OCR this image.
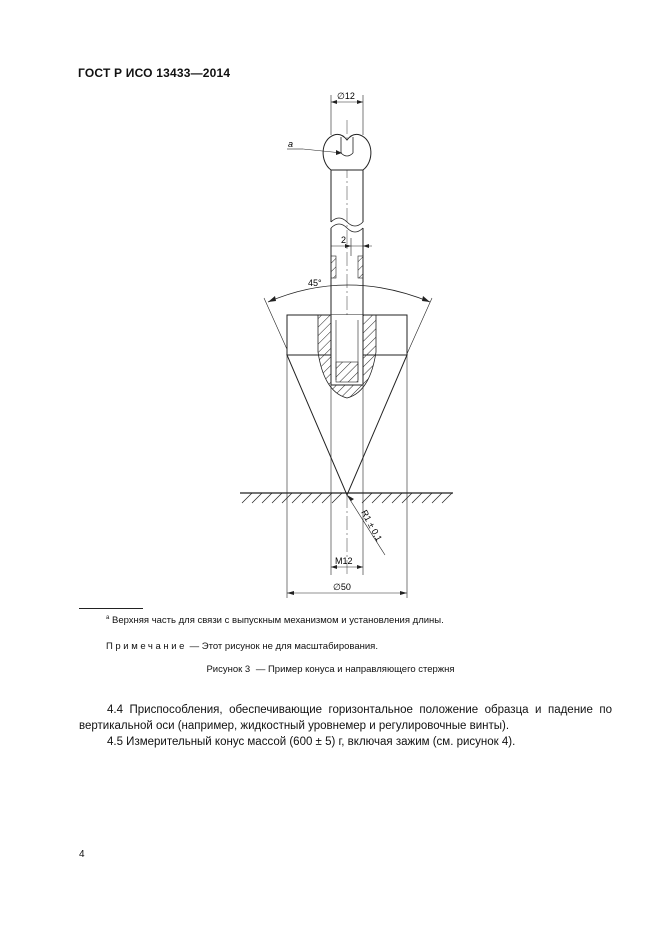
ГОСТ Р ИСО 13433—2014
∅12
a
2
45°
R1 ± 0,1
M12
∅50
$^a$ Верхняя часть для связи с выпускным механизмом и установления длины.
Примечание — Этот рисунок не для масштабирования.
Рисунок 3 — Пример конуса и направляющего стержня
4.4 Приспособления, обеспечивающие горизонтальное положение образца и падение по вертикальной оси (например, жидкостный уровнемер и регулировочные винты).
4.5 Измерительный конус массой (600 ± 5) г, включая зажим (см. рисунок 4).
4
